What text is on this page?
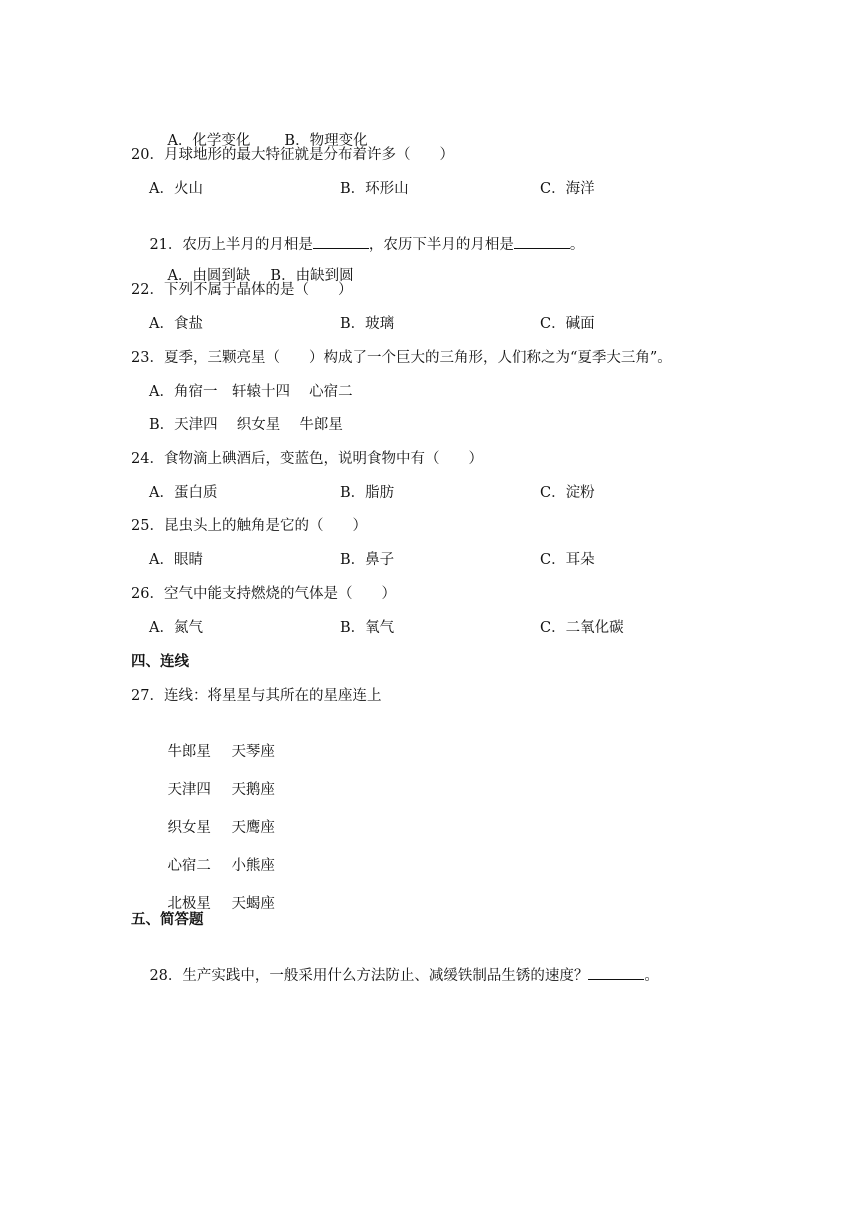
A．化学变化 B．物理变化

20．月球地形的最大特征就是分布着许多（　　）

A．火山

	B．环形山

	C．海洋

21．农历上半月的月相是	，农历下半月的月相是	。

A．由圆到缺 B．由缺到圆

22．下列不属于晶体的是（　　）

A．食盐

	B．玻璃

	C．碱面

23．夏季，三颗亮星（　　）构成了一个巨大的三角形，人们称之为“夏季大三角”。
A．角宿一　轩辕十四　 心宿二
B．天津四　 织女星　 牛郎星
24．食物滴上碘酒后，变蓝色，说明食物中有（　　）

A．蛋白质

	B．脂肪

	C．淀粉

25．昆虫头上的触角是它的（　　）

A．眼睛

	B．鼻子

	C．耳朵

26．空气中能支持燃烧的气体是（　　）

A．氮气

	B．氧气

	C．二氧化碳

四、连线
27．连线：将星星与其所在的星座连上

牛郎星 天琴座

天津四 天鹅座

织女星 天鹰座

心宿二 小熊座

北极星 天蝎座

五、简答题

28．生产实践中，一般采用什么方法防止、减缓铁制品生锈的速度？	。
